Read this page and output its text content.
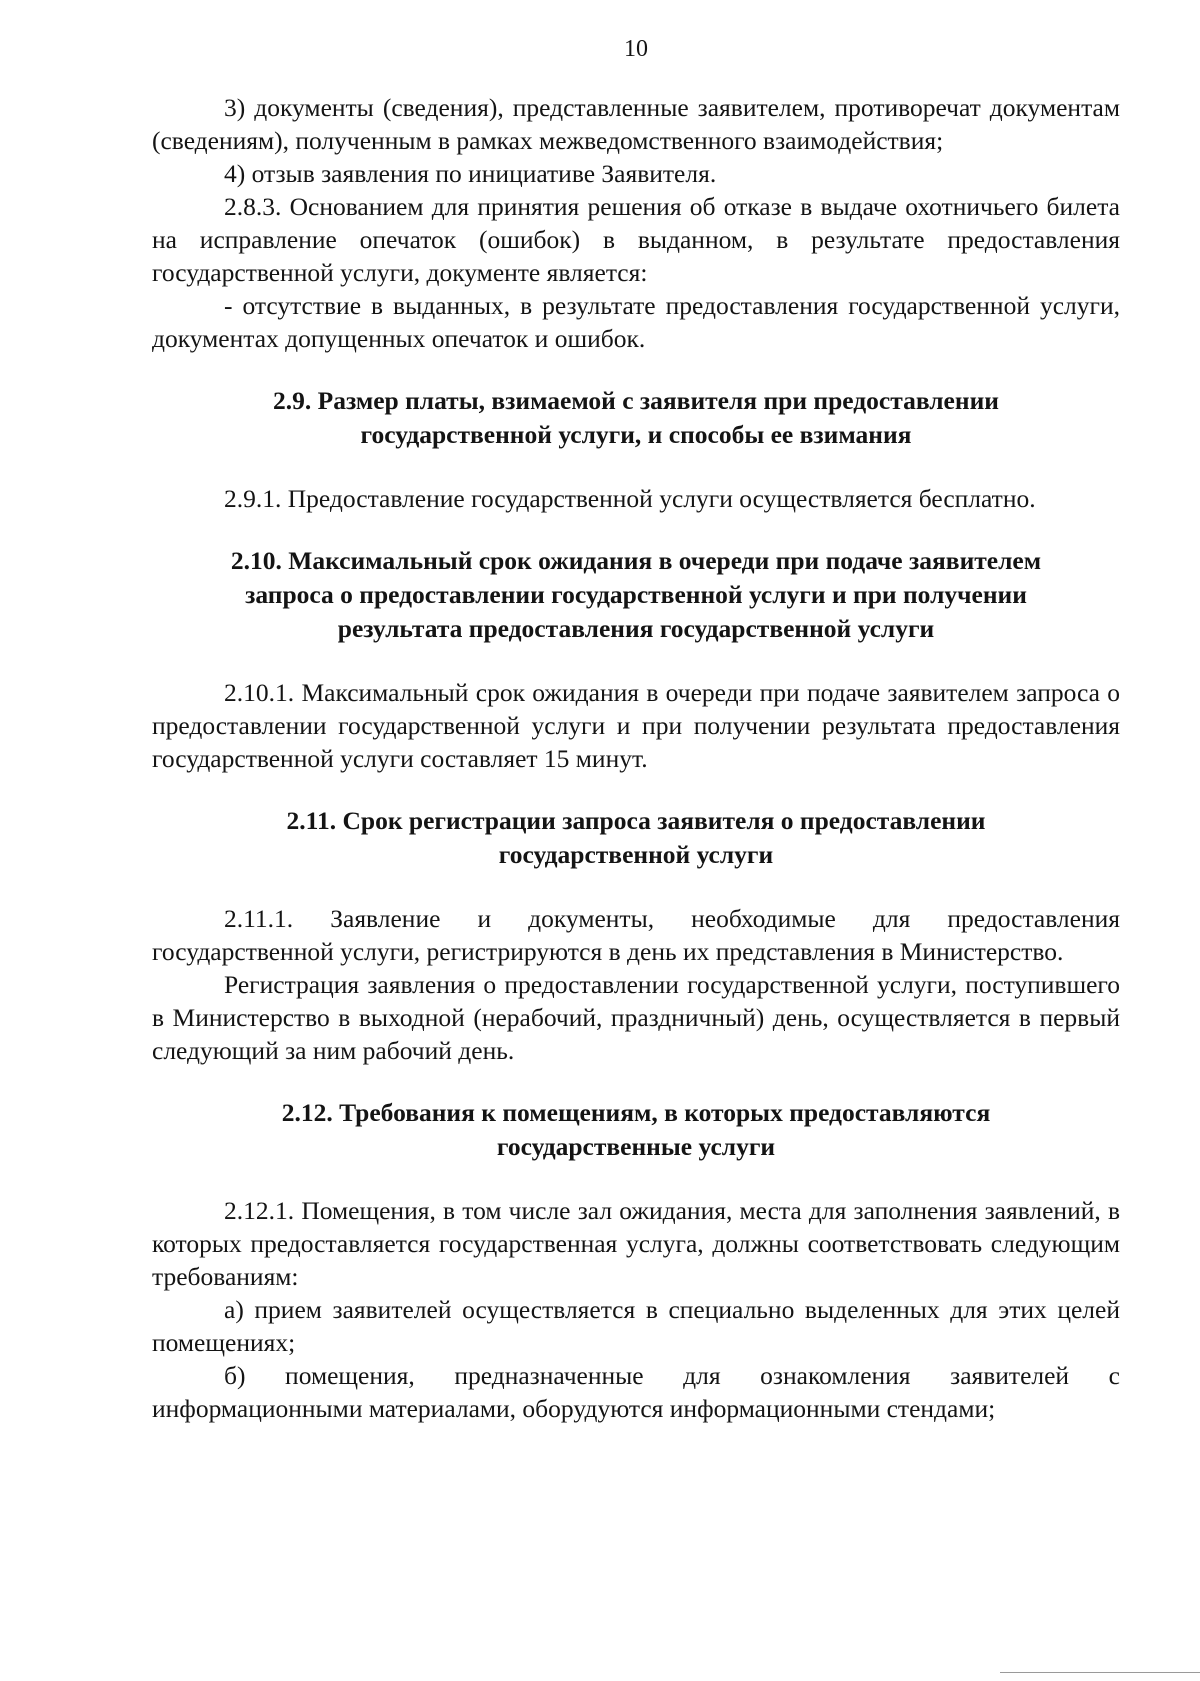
10

3) документы (сведения), представленные заявителем, противоречат документам (сведениям), полученным в рамках межведомственного взаимодействия;

4) отзыв заявления по инициативе Заявителя.

2.8.3. Основанием для принятия решения об отказе в выдаче охотничьего билета на исправление опечаток (ошибок) в выданном, в результате предоставления государственной услуги, документе является:

- отсутствие в выданных, в результате предоставления государственной услуги, документах допущенных опечаток и ошибок.

2.9. Размер платы, взимаемой с заявителя при предоставлении государственной услуги, и способы ее взимания

2.9.1. Предоставление государственной услуги осуществляется бесплатно.

2.10. Максимальный срок ожидания в очереди при подаче заявителем запроса о предоставлении государственной услуги и при получении результата предоставления государственной услуги

2.10.1. Максимальный срок ожидания в очереди при подаче заявителем запроса о предоставлении государственной услуги и при получении результата предоставления государственной услуги составляет 15 минут.

2.11. Срок регистрации запроса заявителя о предоставлении государственной услуги

2.11.1. Заявление и документы, необходимые для предоставления государственной услуги, регистрируются в день их представления в Министерство.

Регистрация заявления о предоставлении государственной услуги, поступившего в Министерство в выходной (нерабочий, праздничный) день, осуществляется в первый следующий за ним рабочий день.

2.12. Требования к помещениям, в которых предоставляются государственные услуги

2.12.1. Помещения, в том числе зал ожидания, места для заполнения заявлений, в которых предоставляется государственная услуга, должны соответствовать следующим требованиям:

а) прием заявителей осуществляется в специально выделенных для этих целей помещениях;

б) помещения, предназначенные для ознакомления заявителей с информационными материалами, оборудуются информационными стендами;
